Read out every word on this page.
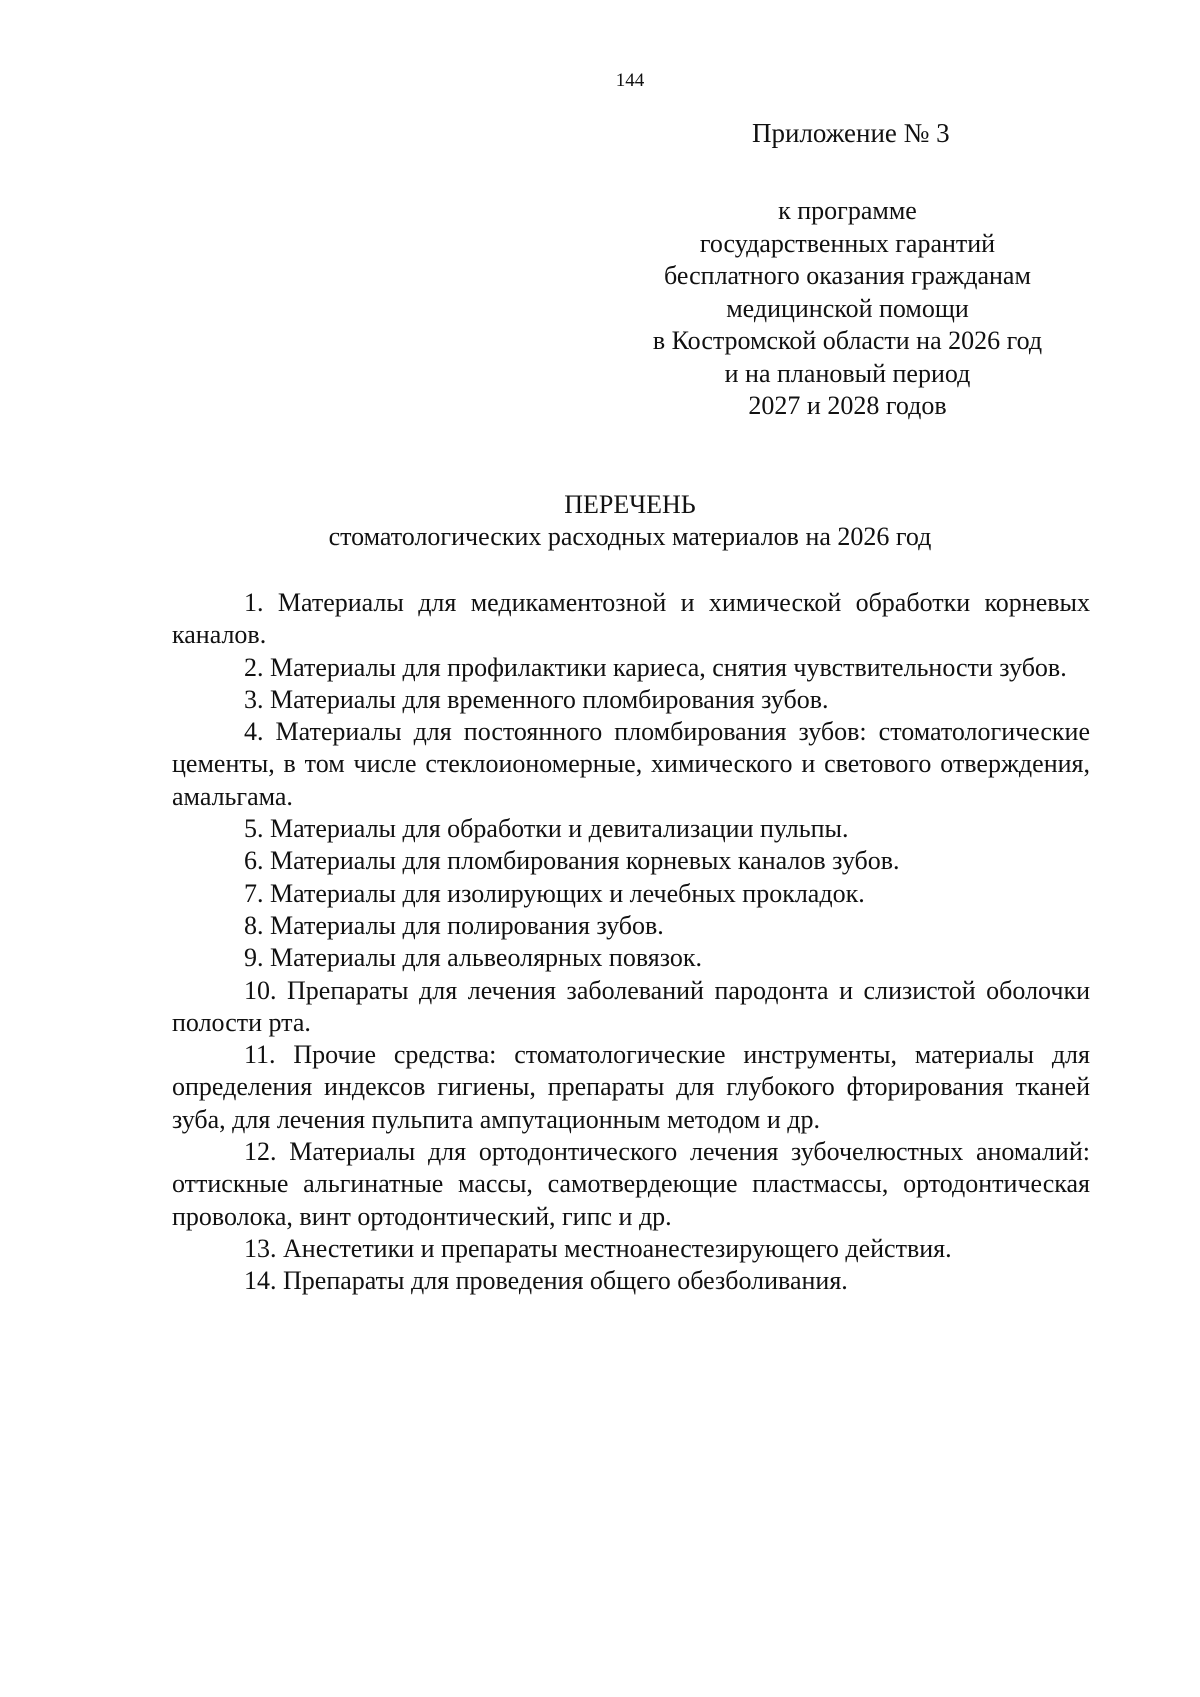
144
Приложение № 3
к программе
государственных гарантий
бесплатного оказания гражданам
медицинской помощи
в Костромской области на 2026 год
и на плановый период
2027 и 2028 годов
ПЕРЕЧЕНЬ
стоматологических расходных материалов на 2026 год

1. Материалы для медикаментозной и химической обработки корневых каналов.

2. Материалы для профилактики кариеса, снятия чувствительности зубов.

3. Материалы для временного пломбирования зубов.

4. Материалы для постоянного пломбирования зубов: стоматологические цементы, в том числе стеклоиономерные, химического и светового отверждения, амальгама.

5. Материалы для обработки и девитализации пульпы.

6. Материалы для пломбирования корневых каналов зубов.

7. Материалы для изолирующих и лечебных прокладок.

8. Материалы для полирования зубов.

9. Материалы для альвеолярных повязок.

10. Препараты для лечения заболеваний пародонта и слизистой оболочки полости рта.

11. Прочие средства: стоматологические инструменты, материалы для определения индексов гигиены, препараты для глубокого фторирования тканей зуба, для лечения пульпита ампутационным методом и др.

12. Материалы для ортодонтического лечения зубочелюстных аномалий: оттискные альгинатные массы, самотвердеющие пластмассы, ортодонтическая проволока, винт ортодонтический, гипс и др.

13. Анестетики и препараты местноанестезирующего действия.

14. Препараты для проведения общего обезболивания.
